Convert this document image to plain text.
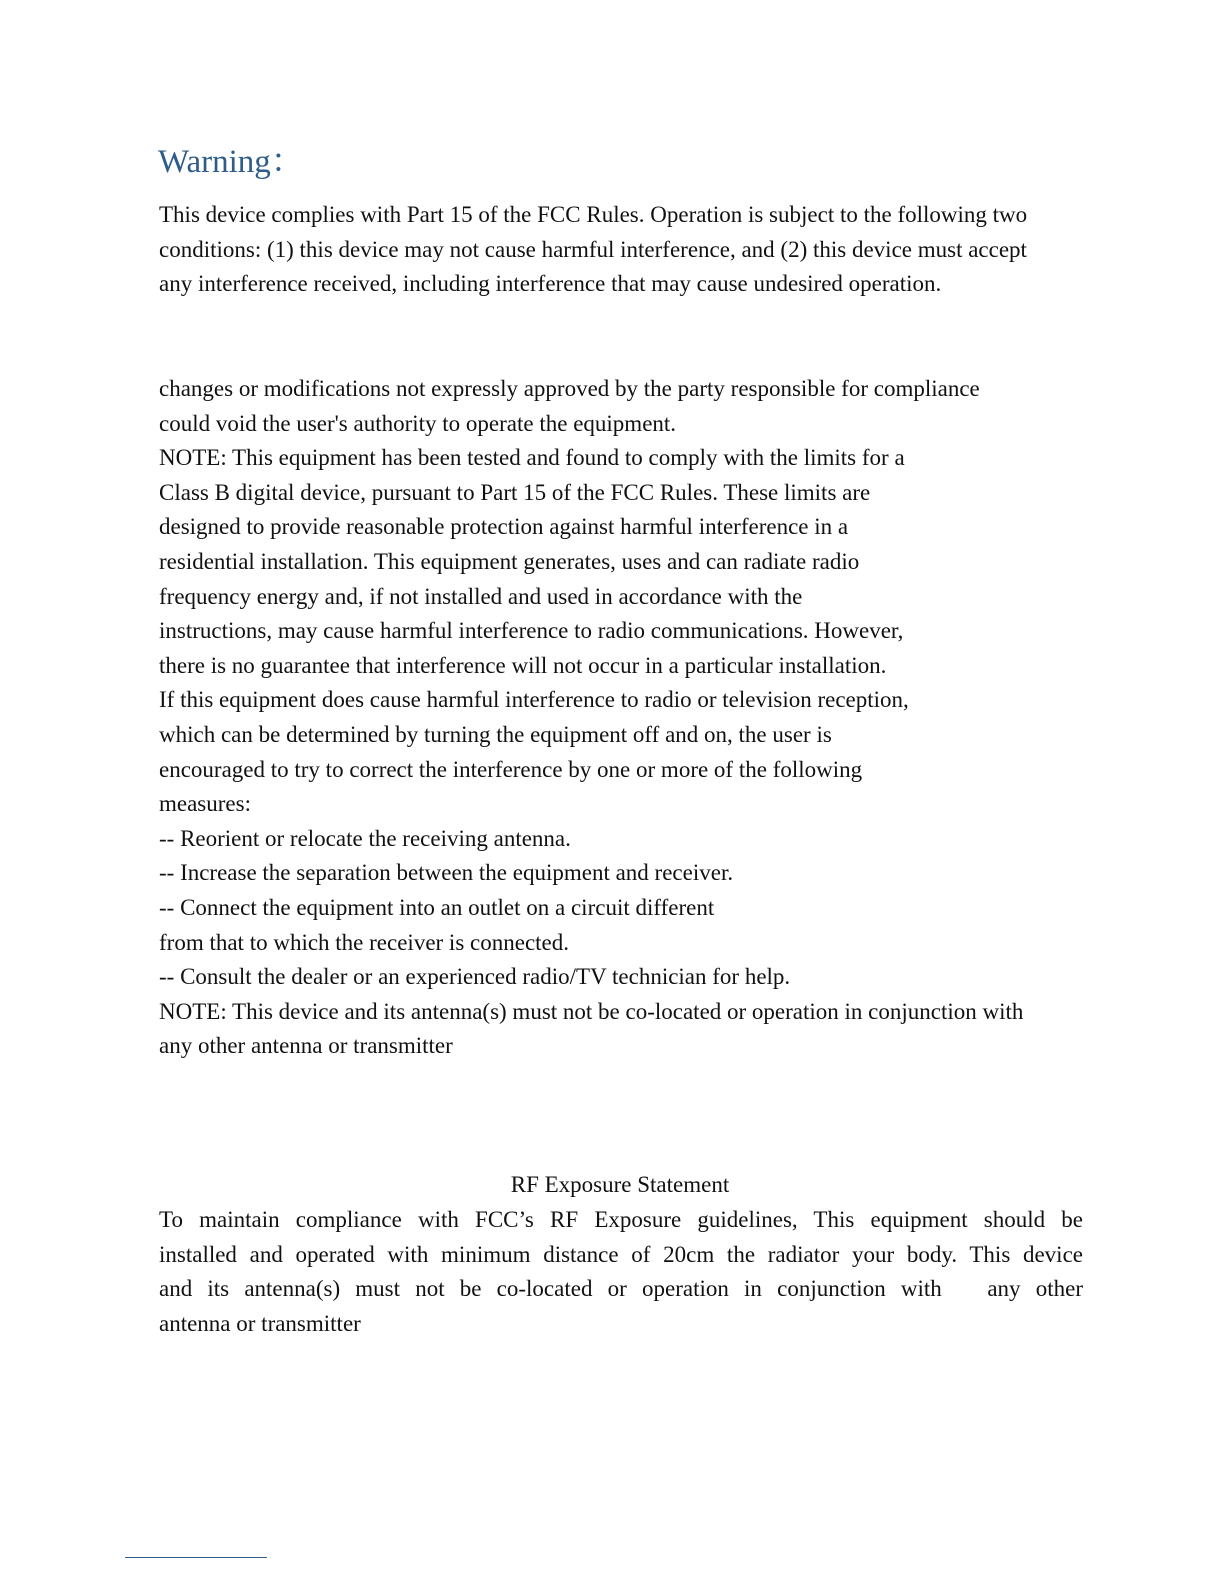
Warning：

This device complies with Part 15 of the FCC Rules. Operation is subject to the following two
conditions: (1) this device may not cause harmful interference, and (2) this device must accept
any interference received, including interference that may cause undesired operation.

changes or modifications not expressly approved by the party responsible for compliance
could void the user's authority to operate the equipment.
NOTE: This equipment has been tested and found to comply with the limits for a
Class B digital device, pursuant to Part 15 of the FCC Rules. These limits are
designed to provide reasonable protection against harmful interference in a
residential installation. This equipment generates, uses and can radiate radio
frequency energy and, if not installed and used in accordance with the
instructions, may cause harmful interference to radio communications. However,
there is no guarantee that interference will not occur in a particular installation.
If this equipment does cause harmful interference to radio or television reception,
which can be determined by turning the equipment off and on, the user is
encouraged to try to correct the interference by one or more of the following
measures:
-- Reorient or relocate the receiving antenna.
-- Increase the separation between the equipment and receiver.
-- Connect the equipment into an outlet on a circuit different
from that to which the receiver is connected.
-- Consult the dealer or an experienced radio/TV technician for help.
NOTE: This device and its antenna(s) must not be co-located or operation in conjunction with
any other antenna or transmitter

RF Exposure Statement

To maintain compliance with FCC’s RF Exposure guidelines, This equipment should be
installed and operated with minimum distance of 20cm the radiator your body. This device
and its antenna(s) must not be co-located or operation in conjunction with   any other
antenna or transmitter
